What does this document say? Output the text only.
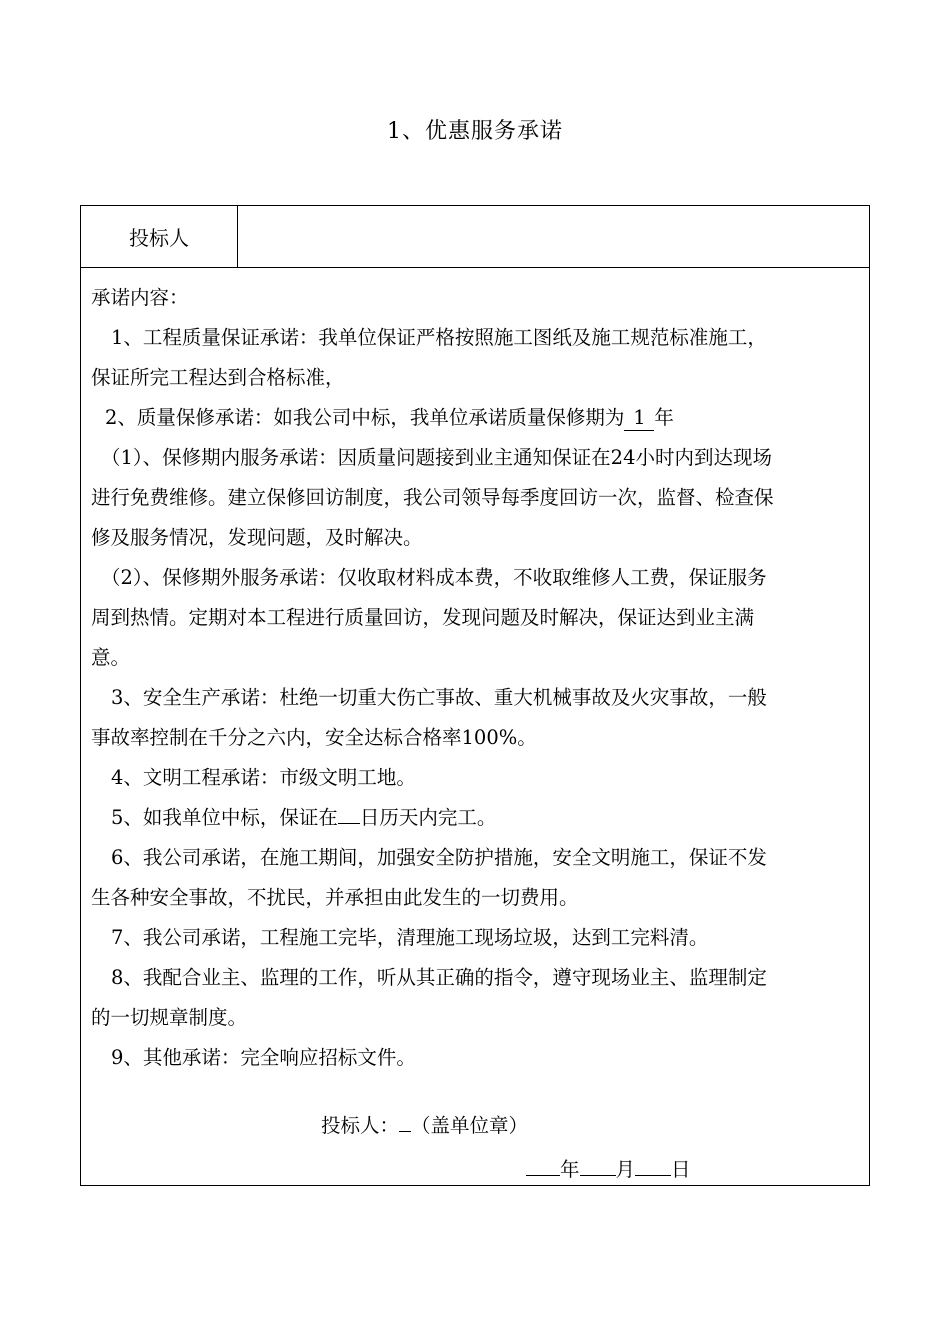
1、优惠服务承诺
投标人

承诺内容：

1、工程质量保证承诺：我单位保证严格按照施工图纸及施工规范标准施工，

保证所完工程达到合格标准，

2、质量保修承诺：如我公司中标，我单位承诺质量保修期为 1 年

（1）、保修期内服务承诺：因质量问题接到业主通知保证在24小时内到达现场

进行免费维修。建立保修回访制度，我公司领导每季度回访一次，监督、检查保

修及服务情况，发现问题，及时解决。

（2）、保修期外服务承诺：仅收取材料成本费，不收取维修人工费，保证服务

周到热情。定期对本工程进行质量回访，发现问题及时解决，保证达到业主满

意。

3、安全生产承诺：杜绝一切重大伤亡事故、重大机械事故及火灾事故，一般

事故率控制在千分之六内，安全达标合格率100%。

4、文明工程承诺：市级文明工地。

5、如我单位中标，保证在 日历天内完工。

6、我公司承诺，在施工期间，加强安全防护措施，安全文明施工，保证不发

生各种安全事故，不扰民，并承担由此发生的一切费用。

7、我公司承诺，工程施工完毕，清理施工现场垃圾，达到工完料清。

8、我配合业主、监理的工作，听从其正确的指令，遵守现场业主、监理制定

的一切规章制度。

9、其他承诺：完全响应招标文件。

投标人： （盖单位章）
年 月 日
